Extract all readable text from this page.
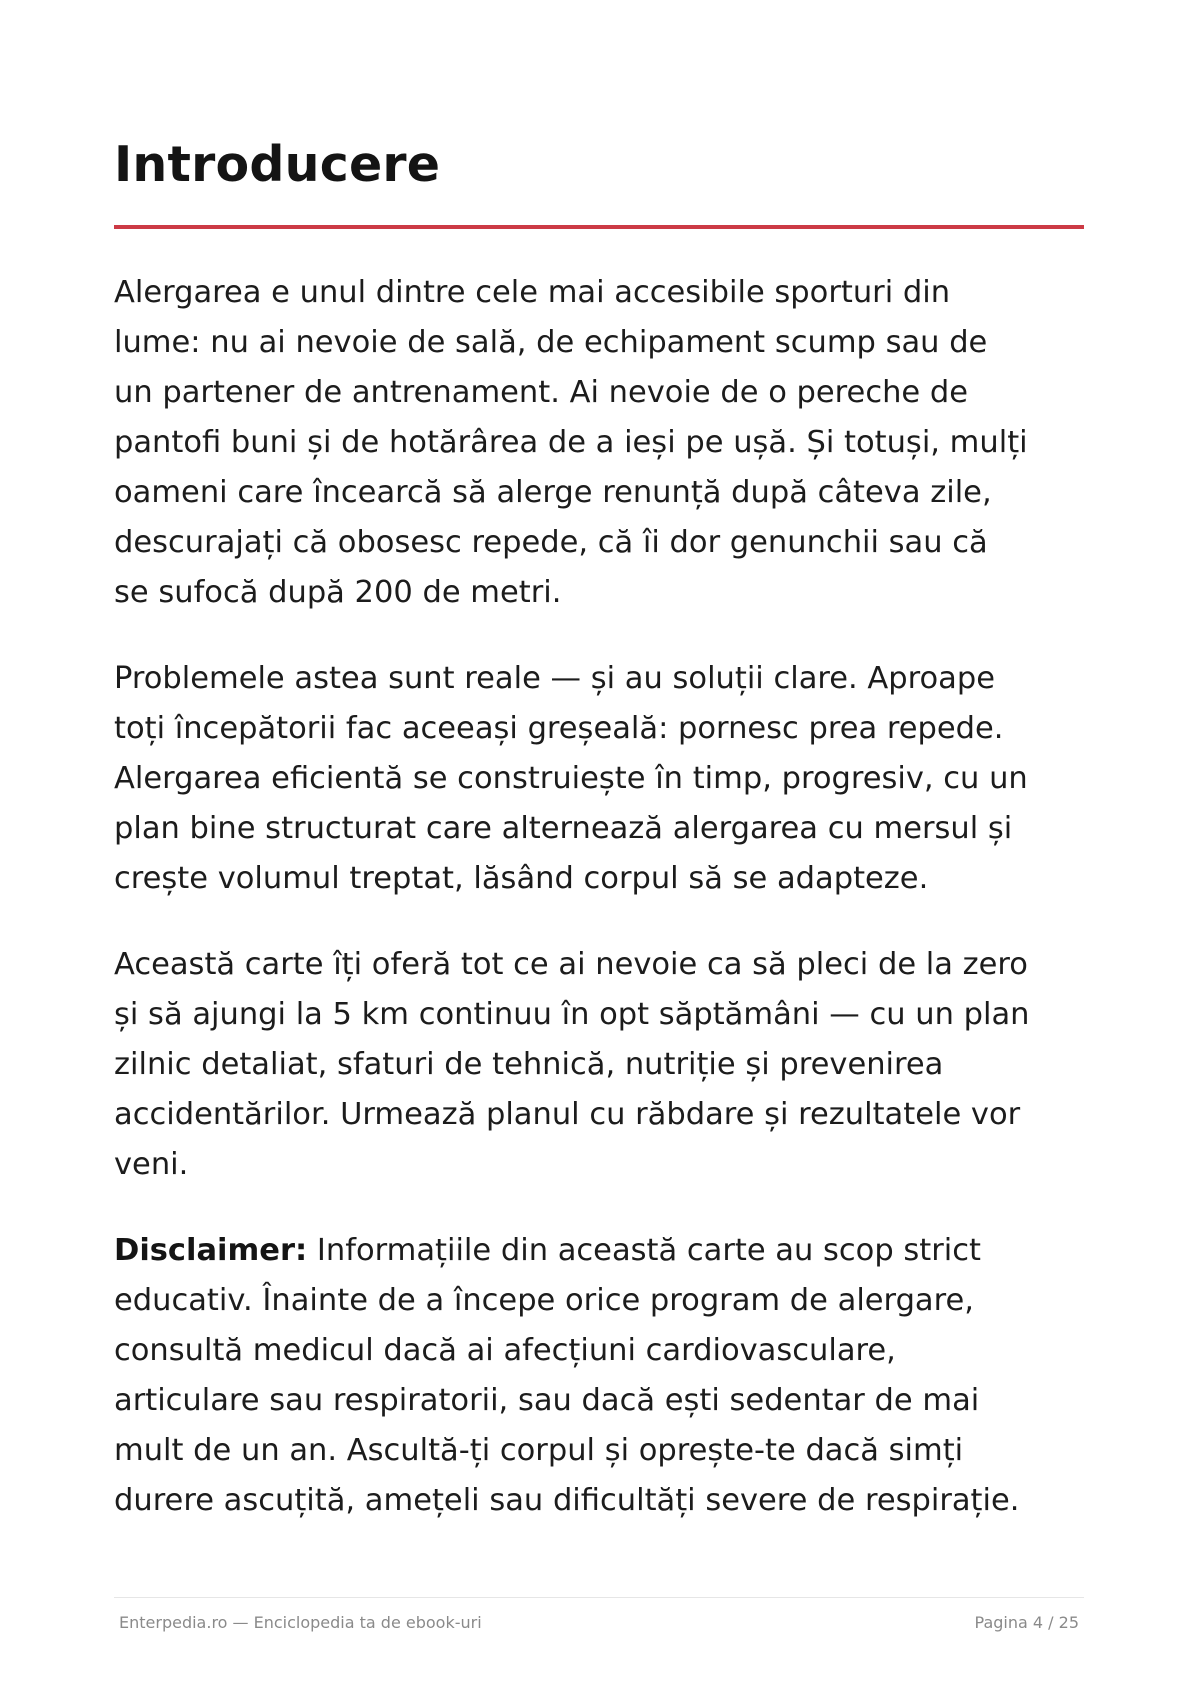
Introducere

Alergarea e unul dintre cele mai accesibile sporturi din
lume: nu ai nevoie de sală, de echipament scump sau de
un partener de antrenament. Ai nevoie de o pereche de
pantofi buni și de hotărârea de a ieși pe ușă. Și totuși, mulți
oameni care încearcă să alerge renunță după câteva zile,
descurajați că obosesc repede, că îi dor genunchii sau că
se sufocă după 200 de metri.

Problemele astea sunt reale — și au soluții clare. Aproape
toți începătorii fac aceeași greșeală: pornesc prea repede.
Alergarea eficientă se construiește în timp, progresiv, cu un
plan bine structurat care alternează alergarea cu mersul și
crește volumul treptat, lăsând corpul să se adapteze.

Această carte îți oferă tot ce ai nevoie ca să pleci de la zero
și să ajungi la 5 km continuu în opt săptămâni — cu un plan
zilnic detaliat, sfaturi de tehnică, nutriție și prevenirea
accidentărilor. Urmează planul cu răbdare și rezultatele vor
veni.

Disclaimer: Informațiile din această carte au scop strict
educativ. Înainte de a începe orice program de alergare,
consultă medicul dacă ai afecțiuni cardiovasculare,
articulare sau respiratorii, sau dacă ești sedentar de mai
mult de un an. Ascultă-ți corpul și oprește-te dacă simți
durere ascuțită, amețeli sau dificultăți severe de respirație.

Enterpedia.ro — Enciclopedia ta de ebook-uri	Pagina 4 / 25
